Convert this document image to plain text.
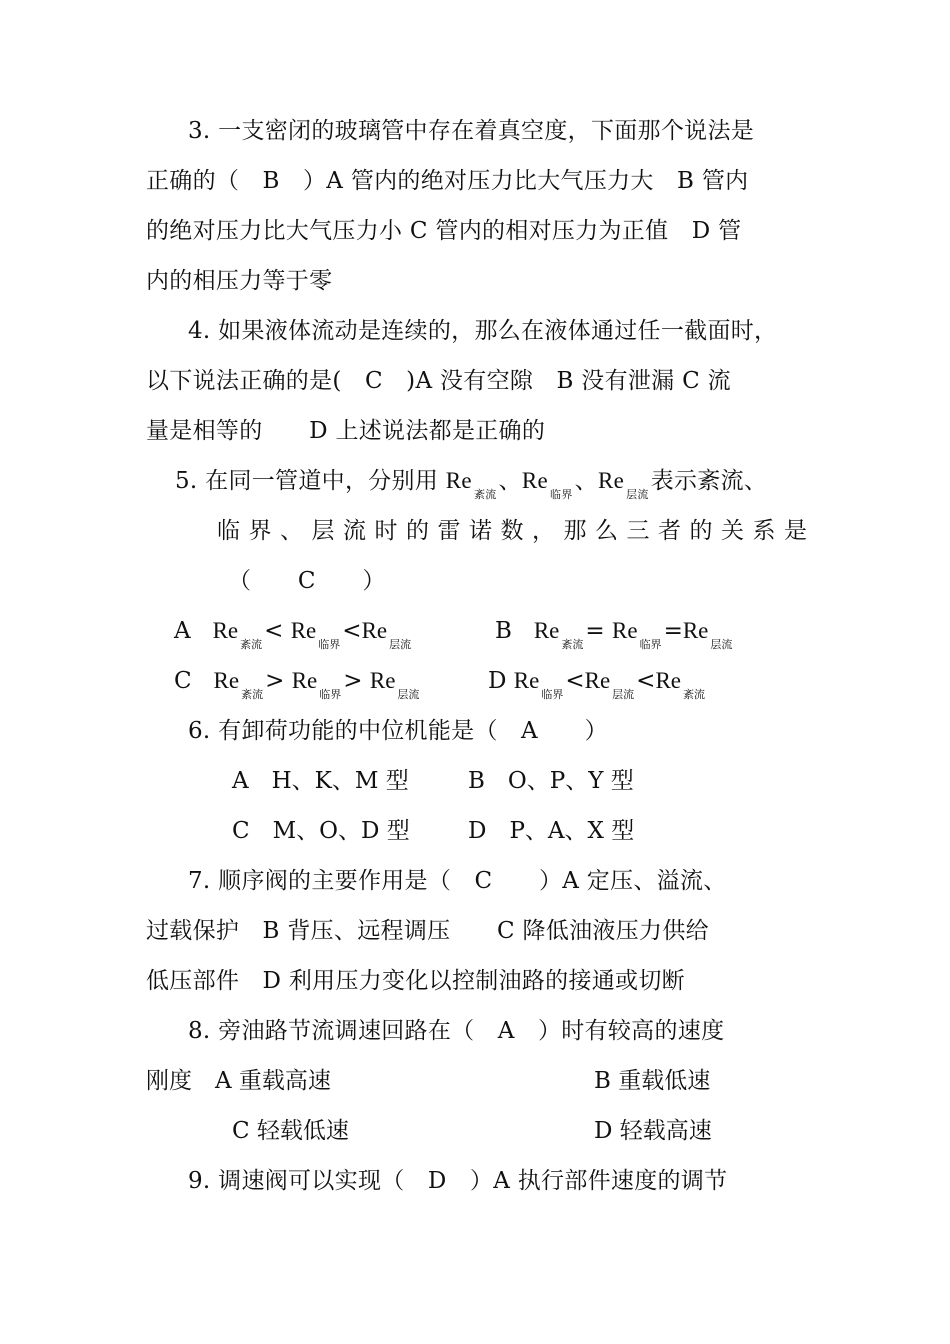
3. 一支密闭的玻璃管中存在着真空度，下面那个说法是
正确的（　B　）A 管内的绝对压力比大气压力大　B 管内
的绝对压力比大气压力小 C 管内的相对压力为正值　D 管
内的相压力等于零
4. 如果液体流动是连续的，那么在液体通过任一截面时，
以下说法正确的是(　C　)A 没有空隙　B 没有泄漏 C 流
量是相等的　　D 上述说法都是正确的
5. 在同一管道中，分别用 $Re_{紊流}$、$Re_{临界}$、$Re_{层流}$表示紊流、
临 界 、 层 流 时 的 雷 诺 数 ， 那 么 三 者 的 关 系 是
（　　C　　）
A $Re_{紊流}< Re_{临界}<Re_{层流}$
B $Re_{紊流}= Re_{临界}=Re_{层流}$
C $Re_{紊流}> Re_{临界}> Re_{层流}$
D $Re_{临界}<Re_{层流}<Re_{紊流}$
6. 有卸荷功能的中位机能是（　A　　）
A　H、K、M 型	B　O、P、Y 型
C　M、O、D 型	D　P、A、X 型
7. 顺序阀的主要作用是（　C　　）A 定压、溢流、
过载保护　B 背压、远程调压　　C 降低油液压力供给
低压部件　D 利用压力变化以控制油路的接通或切断
8. 旁油路节流调速回路在（　A　）时有较高的速度
刚度　A 重载高速	B 重载低速
C 轻载低速	D 轻载高速
9. 调速阀可以实现（　D　）A 执行部件速度的调节
